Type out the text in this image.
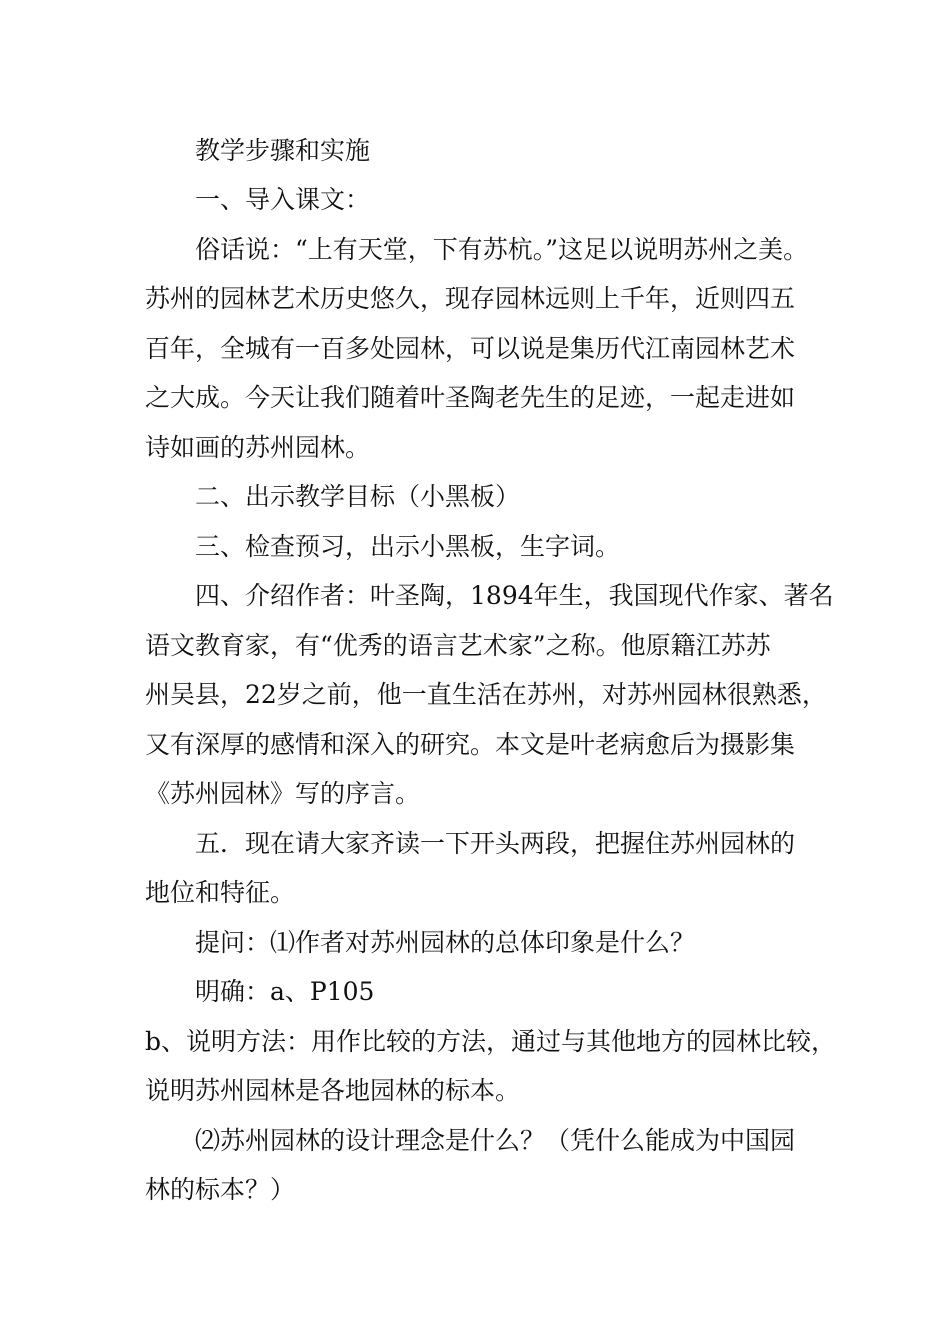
教学步骤和实施
一、导入课文：
俗话说：“上有天堂，下有苏杭。”这足以说明苏州之美。
苏州的园林艺术历史悠久，现存园林远则上千年，近则四五
百年，全城有一百多处园林，可以说是集历代江南园林艺术
之大成。今天让我们随着叶圣陶老先生的足迹，一起走进如
诗如画的苏州园林。
二、出示教学目标（小黑板）
三、检查预习，出示小黑板，生字词。
四、介绍作者：叶圣陶，1894年生，我国现代作家、著名
语文教育家，有“优秀的语言艺术家”之称。他原籍江苏苏
州吴县，22岁之前，他一直生活在苏州，对苏州园林很熟悉，
又有深厚的感情和深入的研究。本文是叶老病愈后为摄影集
《苏州园林》写的序言。
五．现在请大家齐读一下开头两段，把握住苏州园林的
地位和特征。
提问：⑴作者对苏州园林的总体印象是什么？
明确：a、P105
b、说明方法：用作比较的方法，通过与其他地方的园林比较，
说明苏州园林是各地园林的标本。
⑵苏州园林的设计理念是什么？（凭什么能成为中国园
林的标本？）
